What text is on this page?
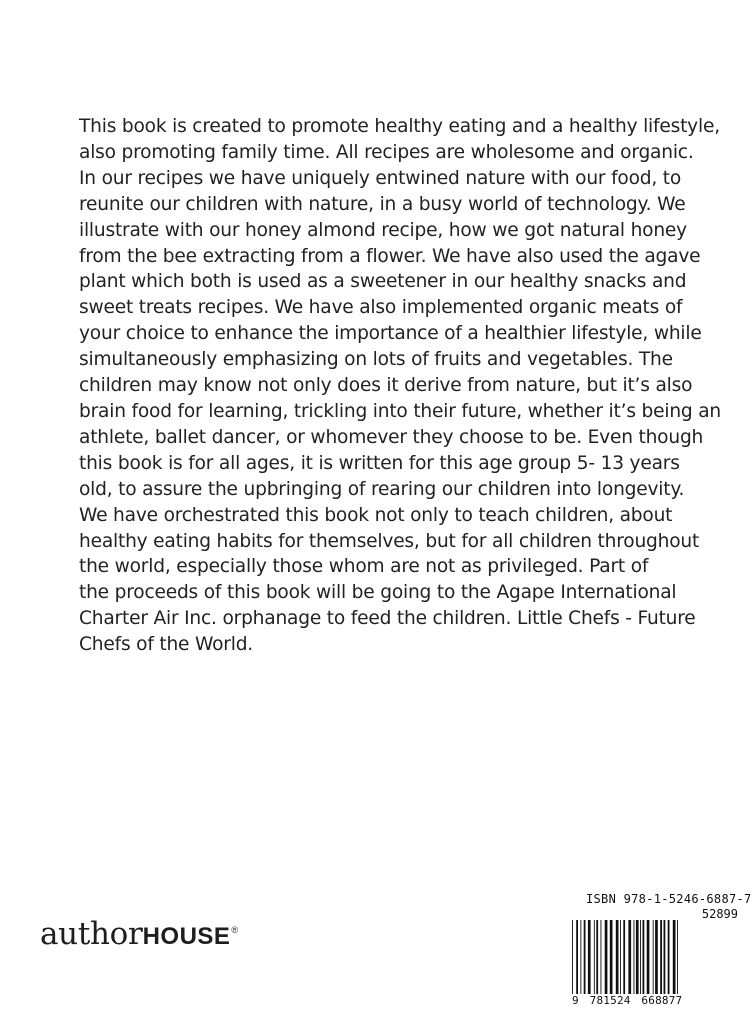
This book is created to promote healthy eating and a healthy lifestyle,
also promoting family time. All recipes are wholesome and organic.
In our recipes we have uniquely entwined nature with our food, to
reunite our children with nature, in a busy world of technology. We
illustrate with our honey almond recipe, how we got natural honey
from the bee extracting from a flower. We have also used the agave
plant which both is used as a sweetener in our healthy snacks and
sweet treats recipes. We have also implemented organic meats of
your choice to enhance the importance of a healthier lifestyle, while
simultaneously emphasizing on lots of fruits and vegetables. The
children may know not only does it derive from nature, but it’s also
brain food for learning, trickling into their future, whether it’s being an
athlete, ballet dancer, or whomever they choose to be. Even though
this book is for all ages, it is written for this age group 5- 13 years
old, to assure the upbringing of rearing our children into longevity.
We have orchestrated this book not only to teach children, about
healthy eating habits for themselves, but for all children throughout
the world, especially those whom are not as privileged. Part of
the proceeds of this book will be going to the Agape International
Charter Air Inc. orphanage to feed the children. Little Chefs - Future
Chefs of the World.
authorHOUSE®
ISBN 978-1-5246-6887-7
52899
9 781524 668877
